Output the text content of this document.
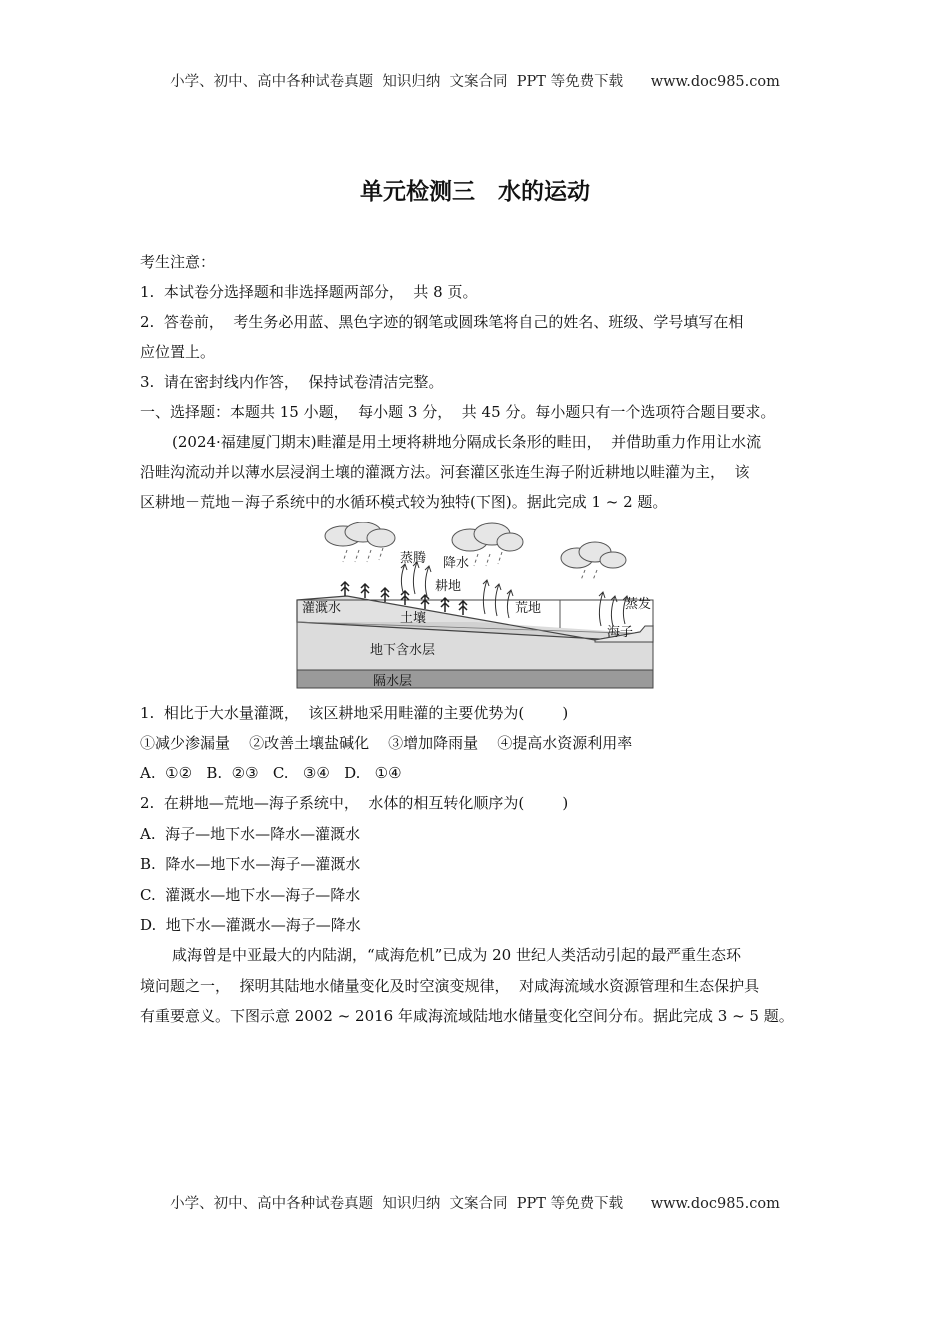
小学、初中、高中各种试卷真题  知识归纳  文案合同  PPT 等免费下载      www.doc985.com
单元检测三　水的运动
考生注意：
1.  本试卷分选择题和非选择题两部分，  共 8 页。
2.  答卷前，  考生务必用蓝、黑色字迹的钢笔或圆珠笔将自己的姓名、班级、学号填写在相
应位置上。
3.  请在密封线内作答，  保持试卷清洁完整。
一、选择题：本题共 15 小题，  每小题 3 分，  共 45 分。每小题只有一个选项符合题目要求。
(2024·福建厦门期末)畦灌是用土埂将耕地分隔成长条形的畦田，  并借助重力作用让水流
沿畦沟流动并以薄水层浸润土壤的灌溉方法。河套灌区张连生海子附近耕地以畦灌为主，  该
区耕地－荒地－海子系统中的水循环模式较为独特(下图)。据此完成 1 ~ 2 题。
蒸腾 降水
耕地
荒地	蒸发
灌溉水
土壤
海子
地下含水层
隔水层
1.  相比于大水量灌溉，  该区耕地采用畦灌的主要优势为(        )
①减少渗漏量    ②改善土壤盐碱化    ③增加降雨量    ④提高水资源利用率
A.  ①②   B.  ②③   C.   ③④   D.   ①④
2.  在耕地—荒地—海子系统中，  水体的相互转化顺序为(        )
A.  海子—地下水—降水—灌溉水
B.  降水—地下水—海子—灌溉水
C.  灌溉水—地下水—海子—降水
D.  地下水—灌溉水—海子—降水
咸海曾是中亚最大的内陆湖，“咸海危机”已成为 20 世纪人类活动引起的最严重生态环
境问题之一，  探明其陆地水储量变化及时空演变规律，  对咸海流域水资源管理和生态保护具
有重要意义。下图示意 2002 ~ 2016 年咸海流域陆地水储量变化空间分布。据此完成 3 ~ 5 题。
小学、初中、高中各种试卷真题  知识归纳  文案合同  PPT 等免费下载      www.doc985.com
